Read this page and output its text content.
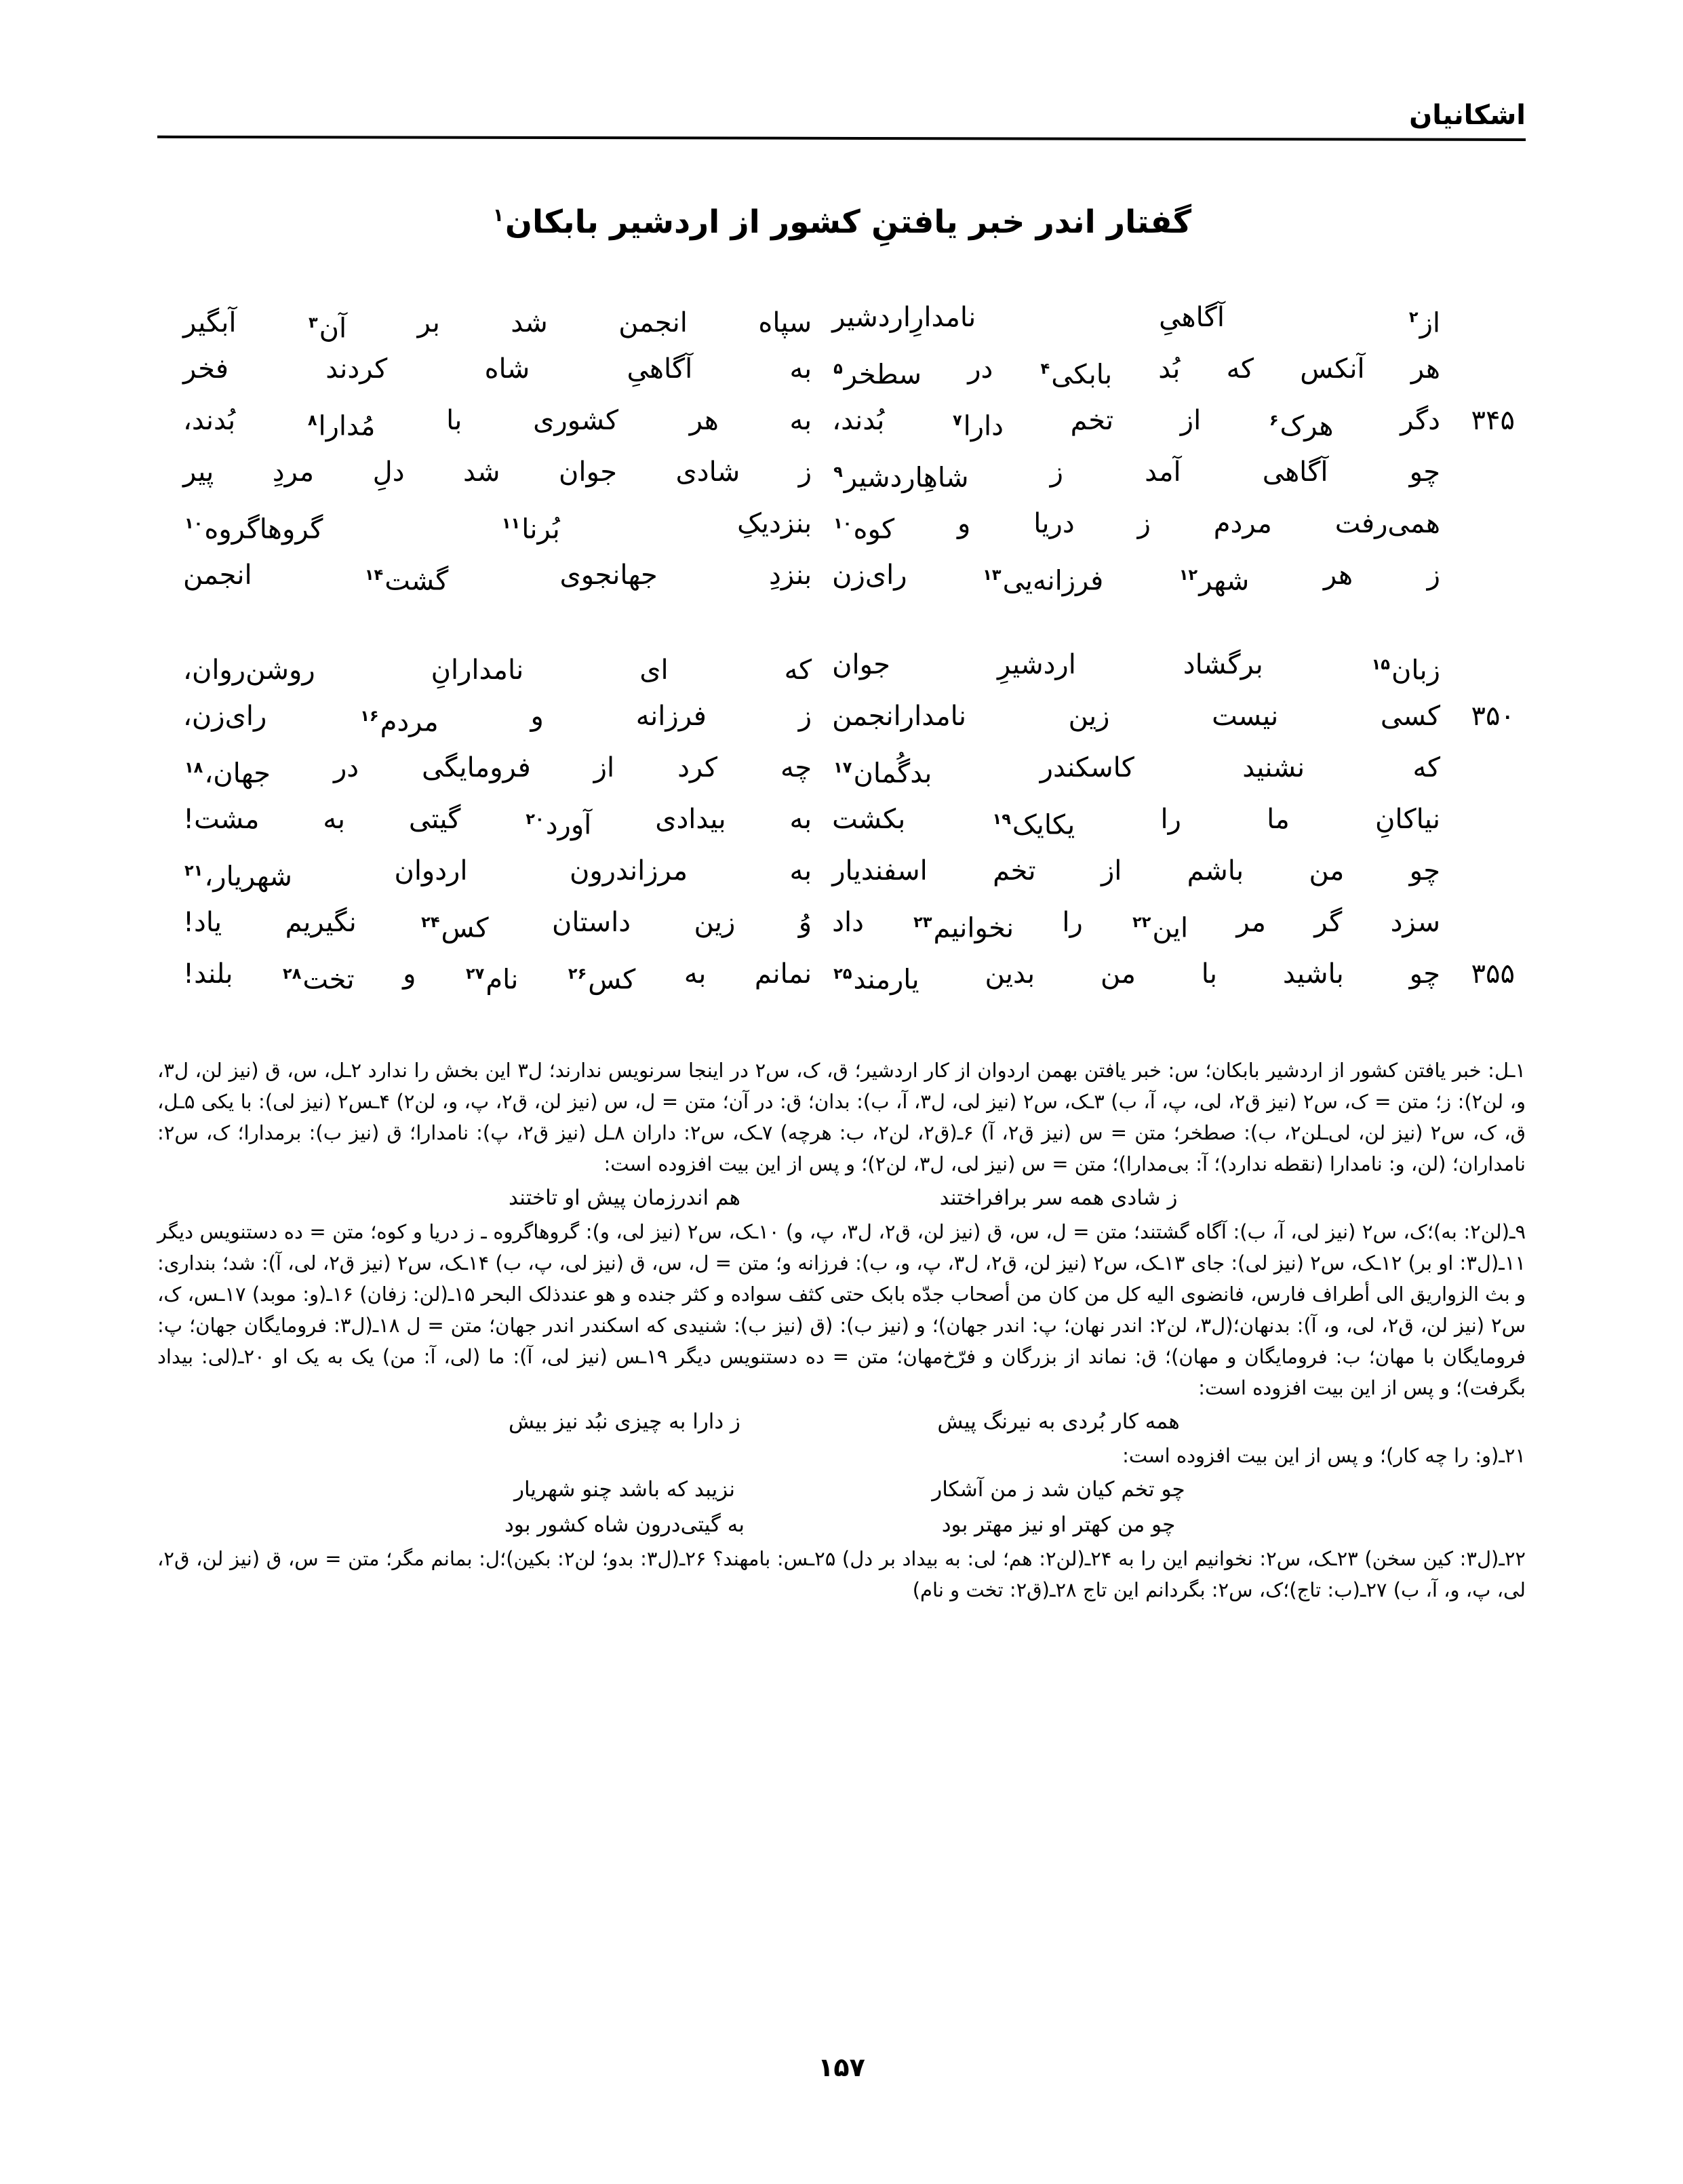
اشکانیان
گفتار اندر خبر یافتنِ کشور از اردشیر بابکان$^۱$
از$^۲$
آگاهیِ
نامدارِاردشیر
سپاه
انجمن
شد
بر
آن$^۳$
آبگیر
هر
آنکس
که
بُد
بابکی$^۴$
در
سطخر$^۵$
به
آگاهیِ
شاه
کردند
فخر
۳۴۵
دگر
هرک$^۶$
از
تخم
دارا$^۷$
بُدند،
به
هر
کشوری
با
مُدارا$^۸$
بُدند،
چو
آگاهی
آمد
ز
شاهِاردشیر$^۹$
ز
شادی
جوان
شد
دلِ
مردِ
پیر
همی‌رفت
مردم
ز
دریا
و
کوه$^{۱۰}$
بنزدیکِ
بُرنا$^{۱۱}$
گروهاگروه$^{۱۰}$
ز
هر
شهر$^{۱۲}$
فرزانه‌یی$^{۱۳}$
رای‌زن
بنزدِ
جهانجوی
گشت$^{۱۴}$
انجمن
زبان$^{۱۵}$
برگشاد
اردشیرِ
جوان
که
ای
نامدارانِ
روشن‌روان،
۳۵۰
کسی
نیست
زین
نامدارانجمن
ز
فرزانه
و
مردم$^{۱۶}$
رای‌زن،
که
نشنید
کاسکندر
بدگُمان$^{۱۷}$
چه
کرد
از
فرومایگی
در
جهان،$^{۱۸}$
نیاکانِ
ما
را
یکایک$^{۱۹}$
بکشت
به
بیدادی
آورد$^{۲۰}$
گیتی
به
مشت!
چو
من
باشم
از
تخم
اسفندیار
به
مرزاندرون
اردوان
شهریار،$^{۲۱}$
سزد
گر
مر
این$^{۲۲}$
را
نخوانیم$^{۲۳}$
داد
وُ
زین
داستان
کس$^{۲۴}$
نگیریم
یاد!
۳۵۵
چو
باشید
با
من
بدین
یارمند$^{۲۵}$
نمانم
به
کس$^{۲۶}$
نام$^{۲۷}$
و
تخت$^{۲۸}$
بلند!

۱ـل: خبر یافتن کشور از اردشیر بابکان؛ س: خبر یافتن بهمن اردوان از کار اردشیر؛ ق، ک، س۲ در اینجا سرنویس ندارند؛ ل۳ این بخش را ندارد ۲ـل، س، ق (نیز لن، ل۳، و، لن۲): ز؛ متن = ک، س۲ (نیز ق۲، لی، پ، آ، ب) ۳ـک، س۲ (نیز لی، ل۳، آ، ب): بدان؛ ق: در آن؛ متن = ل، س (نیز لن، ق۲، پ، و، لن۲) ۴ـس۲ (نیز لی): با یکی ۵ـل، ق، ک، س۲ (نیز لن، لی‌ـلن۲، ب): صطخر؛ متن = س (نیز ق۲، آ) ۶ـ(ق۲، لن۲، ب: هرچه) ۷ـک، س۲: داران ۸ـل (نیز ق۲، پ): نامدارا؛ ق (نیز ب): برمدارا؛ ک، س۲: نامداران؛ (لن، و: نامدارا (نقطه ندارد)؛ آ: بی‌مدارا)؛ متن = س (نیز لی، ل۳، لن۲)؛ و پس از این بیت افزوده است:

ز شادی همه سر برافراختند
هم اندرزمان پیش او تاختند

۹ـ(لن۲: به)؛ک، س۲ (نیز لی، آ، ب): آگاه گشتند؛ متن = ل، س، ق (نیز لن، ق۲، ل۳، پ، و) ۱۰ـک، س۲ (نیز لی، و): گروهاگروه ـ ز دریا و کوه؛ متن = ده دستنویس دیگر ۱۱ـ(ل۳: او بر) ۱۲ـک، س۲ (نیز لی): جای ۱۳ـک، س۲ (نیز لن، ق۲، ل۳، پ، و، ب): فرزانه و؛ متن = ل، س، ق (نیز لی، پ، ب) ۱۴ـک، س۲ (نیز ق۲، لی، آ): شد؛ بنداری: و بث الزواریق الی أطراف فارس، فانضوی الیه کل من کان من أصحاب جدّه بابک حتی کثف سواده و کثر جنده و هو عندذلک البحر ۱۵ـ(لن: زفان) ۱۶ـ(و: موبد) ۱۷ـس، ک، س۲ (نیز لن، ق۲، لی، و، آ): بدنهان؛(ل۳، لن۲: اندر نهان؛ پ: اندر جهان)؛ و (نیز ب): (ق (نیز ب): شنیدی که اسکندر اندر جهان؛ متن = ل ۱۸ـ(ل۳: فرومایگان جهان؛ پ: فرومایگان با مهان؛ ب: فرومایگان و مهان)؛ ق: نماند از بزرگان و فرّخ‌مهان؛ متن = ده دستنویس دیگر ۱۹ـس (نیز لی، آ): ما (لی، آ: من) یک به یک او ۲۰ـ(لی: بیداد بگرفت)؛ و پس از این بیت افزوده است:

همه کار بُردی به نیرنگ پیش
ز دارا به چیزی نبُد نیز بیش

۲۱ـ(و: را چه کار)؛ و پس از این بیت افزوده است:

چو تخم کیان شد ز من آشکار
نزیبد که باشد چنو شهریار
چو من کهتر او نیز مهتر بود
به گیتی‌درون شاه کشور بود

۲۲ـ(ل۳: کین سخن) ۲۳ـک، س۲: نخوانیم این را به ۲۴ـ(لن۲: هم؛ لی: به بیداد بر دل) ۲۵ـس: بامهند؟ ۲۶ـ(ل۳: بدو؛ لن۲: بکین)؛ل: بمانم مگر؛ متن = س، ق (نیز لن، ق۲، لی، پ، و، آ، ب) ۲۷ـ(ب: تاج)؛ک، س۲: بگردانم این تاج ۲۸ـ(ق۲: تخت و نام)

۱۵۷
